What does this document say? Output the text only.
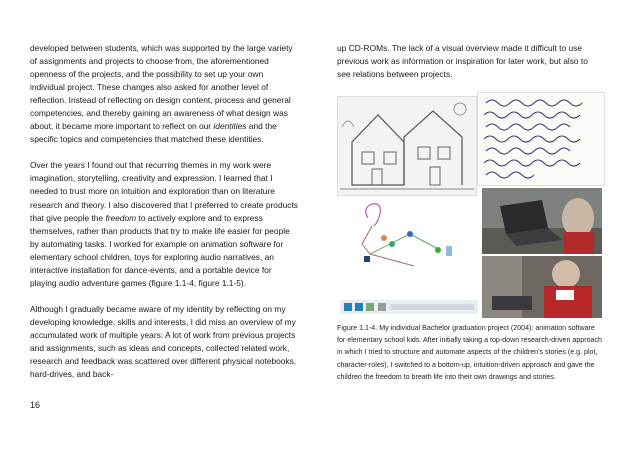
developed between students, which was supported by the large variety of assignments and projects to choose from, the aforementioned openness of the projects, and the possibility to set up your own individual project. These changes also asked for another level of reflection. Instead of reflecting on design content, process and general competencies, and thereby gaining an awareness of what design was about, it became more important to reflect on our identities and the specific topics and competencies that matched these identities.

Over the years I found out that recurring themes in my work were imagination, storytelling, creativity and expression. I learned that I needed to trust more on intuition and exploration than on literature research and theory. I also discovered that I preferred to create products that give people the freedom to actively explore and to express themselves, rather than products that try to make life easier for people by automating tasks. I worked for example on animation software for elementary school children, toys for exploring audio narratives, an interactive installation for dance-events, and a portable device for playing audio adventure games (figure 1.1-4, figure 1.1-5).

Although I gradually became aware of my identity by reflecting on my developing knowledge, skills and interests, I did miss an overview of my accumulated work of multiple years: A lot of work from previous projects and assignments, such as ideas and concepts, collected related work, research and feedback was scattered over different physical notebooks, hard-drives, and back-

up CD-ROMs. The lack of a visual overview made it difficult to use previous work as information or inspiration for later work, but also to see relations between projects.
Figure 1.1-4. My individual Bachelor graduation project (2004): animation software for elementary school kids. After initially taking a top-down research-driven approach in which I tried to structure and automate aspects of the children's stories (e.g. plot, character-roles), I switched to a bottom-up, intuition-driven approach and gave the children the freedom to breath life into their own drawings and stories.
16
